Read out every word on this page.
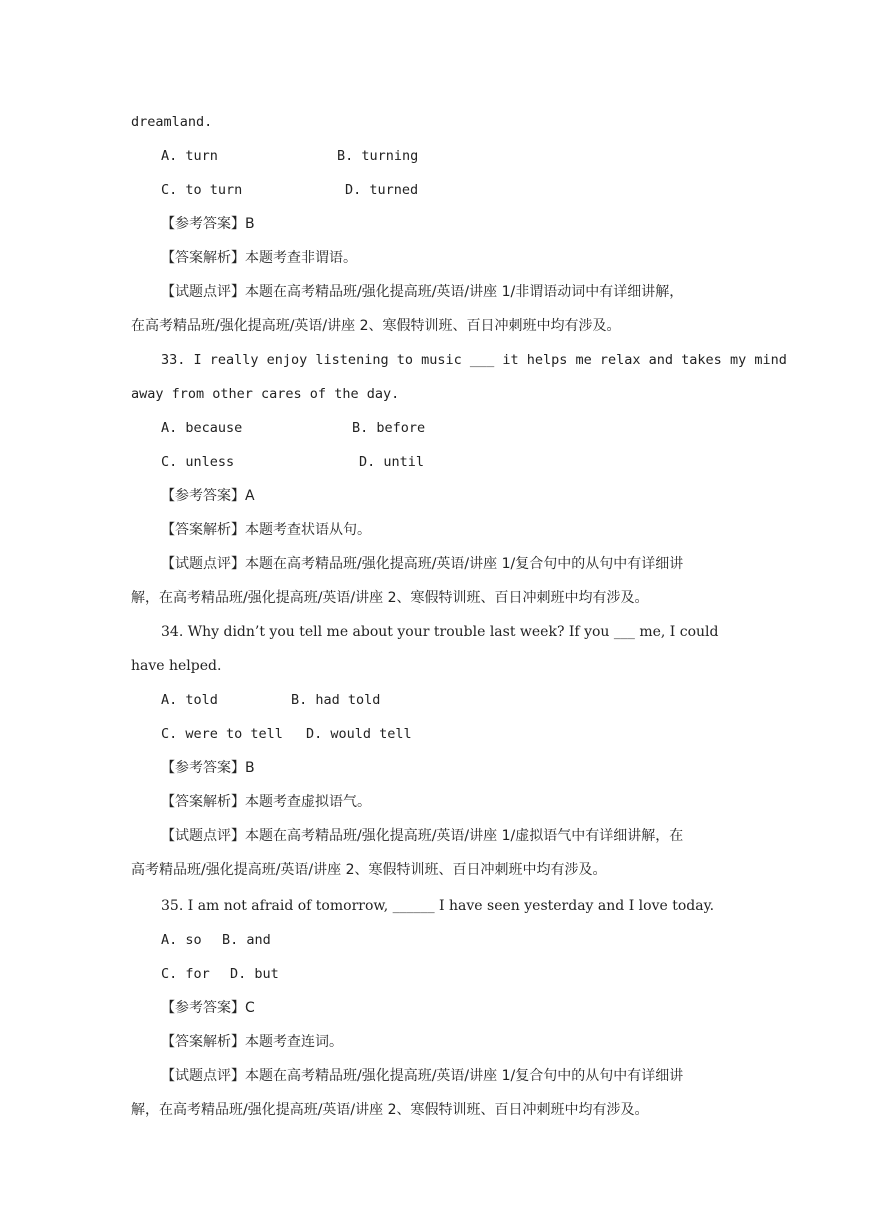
dreamland.
A. turn	B. turning
C. to turn	D. turned
【参考答案】B
【答案解析】本题考查非谓语。
【试题点评】本题在高考精品班/强化提高班/英语/讲座 1/非谓语动词中有详细讲解，
在高考精品班/强化提高班/英语/讲座 2、寒假特训班、百日冲刺班中均有涉及。
33. I really enjoy listening to music ___ it helps me relax and takes my mind
away from other cares of the day.
A. because	B. before
C. unless	D. until
【参考答案】A
【答案解析】本题考查状语从句。
【试题点评】本题在高考精品班/强化提高班/英语/讲座 1/复合句中的从句中有详细讲
解，在高考精品班/强化提高班/英语/讲座 2、寒假特训班、百日冲刺班中均有涉及。
34. Why didn’t you tell me about your trouble last week? If you ___ me, I could
have helped.
A. told	B. had told
C. were to tell D. would tell
【参考答案】B
【答案解析】本题考查虚拟语气。
【试题点评】本题在高考精品班/强化提高班/英语/讲座 1/虚拟语气中有详细讲解，在
高考精品班/强化提高班/英语/讲座 2、寒假特训班、百日冲刺班中均有涉及。
35. I am not afraid of tomorrow, ______ I have seen yesterday and I love today.
A. so B. and
C. for D. but
【参考答案】C
【答案解析】本题考查连词。
【试题点评】本题在高考精品班/强化提高班/英语/讲座 1/复合句中的从句中有详细讲
解，在高考精品班/强化提高班/英语/讲座 2、寒假特训班、百日冲刺班中均有涉及。
